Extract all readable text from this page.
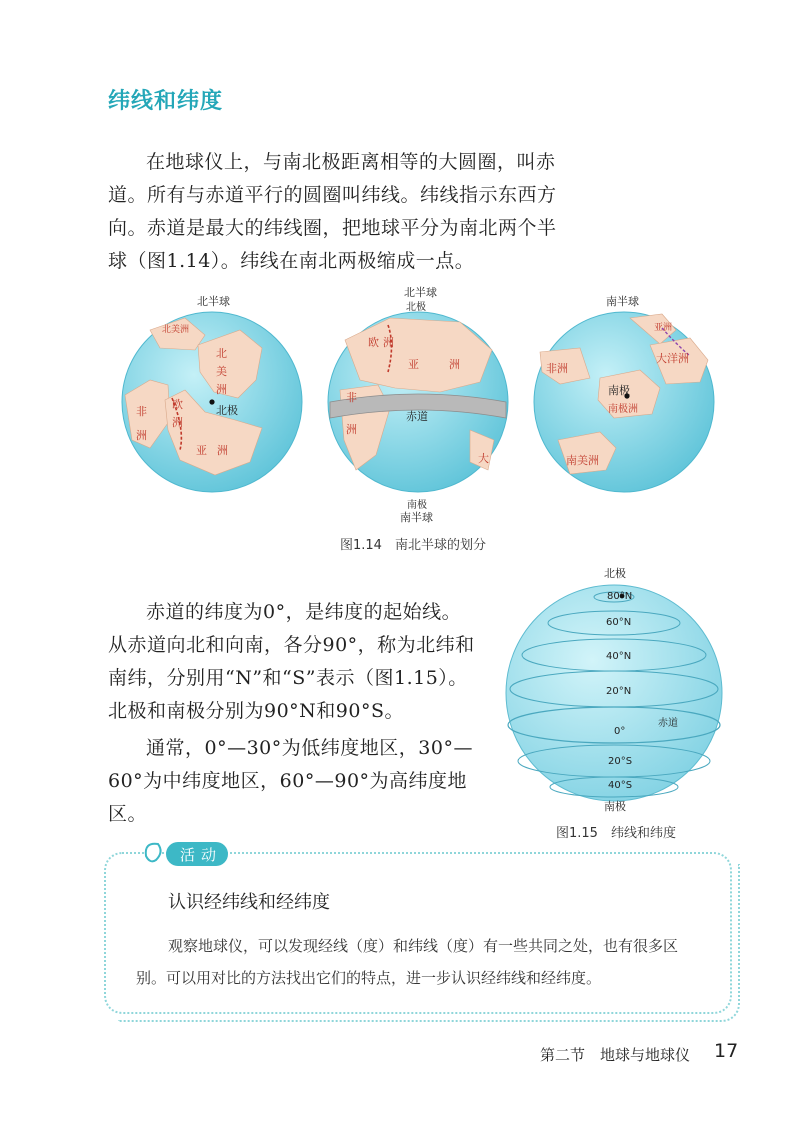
纬线和纬度
在地球仪上，与南北极距离相等的大圆圈，叫赤道。所有与赤道平行的圆圈叫纬线。纬线指示东西方向。赤道是最大的纬线圈，把地球平分为南北两个半球（图1.14）。纬线在南北两极缩成一点。
北半球
北极
北美洲
北美洲
欧洲
非洲
亚洲
北半球
北极
欧洲
亚洲
非洲
赤道
大
南极
南半球
南半球
亚洲
大洋洲
非洲
南极
南极洲
南美洲
图1.14　南北半球的划分
赤道的纬度为0°，是纬度的起始线。从赤道向北和向南，各分90°，称为北纬和南纬，分别用“N”和“S”表示（图1.15）。北极和南极分别为90°N和90°S。
通常，0°—30°为低纬度地区，30°—60°为中纬度地区，60°—90°为高纬度地区。
北极
80°N
60°N
40°N
20°N
赤道
0°
20°S
40°S
南极
图1.15　纬线和纬度
活动
认识经纬线和经纬度
观察地球仪，可以发现经线（度）和纬线（度）有一些共同之处，也有很多区别。可以用对比的方法找出它们的特点，进一步认识经纬线和经纬度。
第二节　地球与地球仪 17
